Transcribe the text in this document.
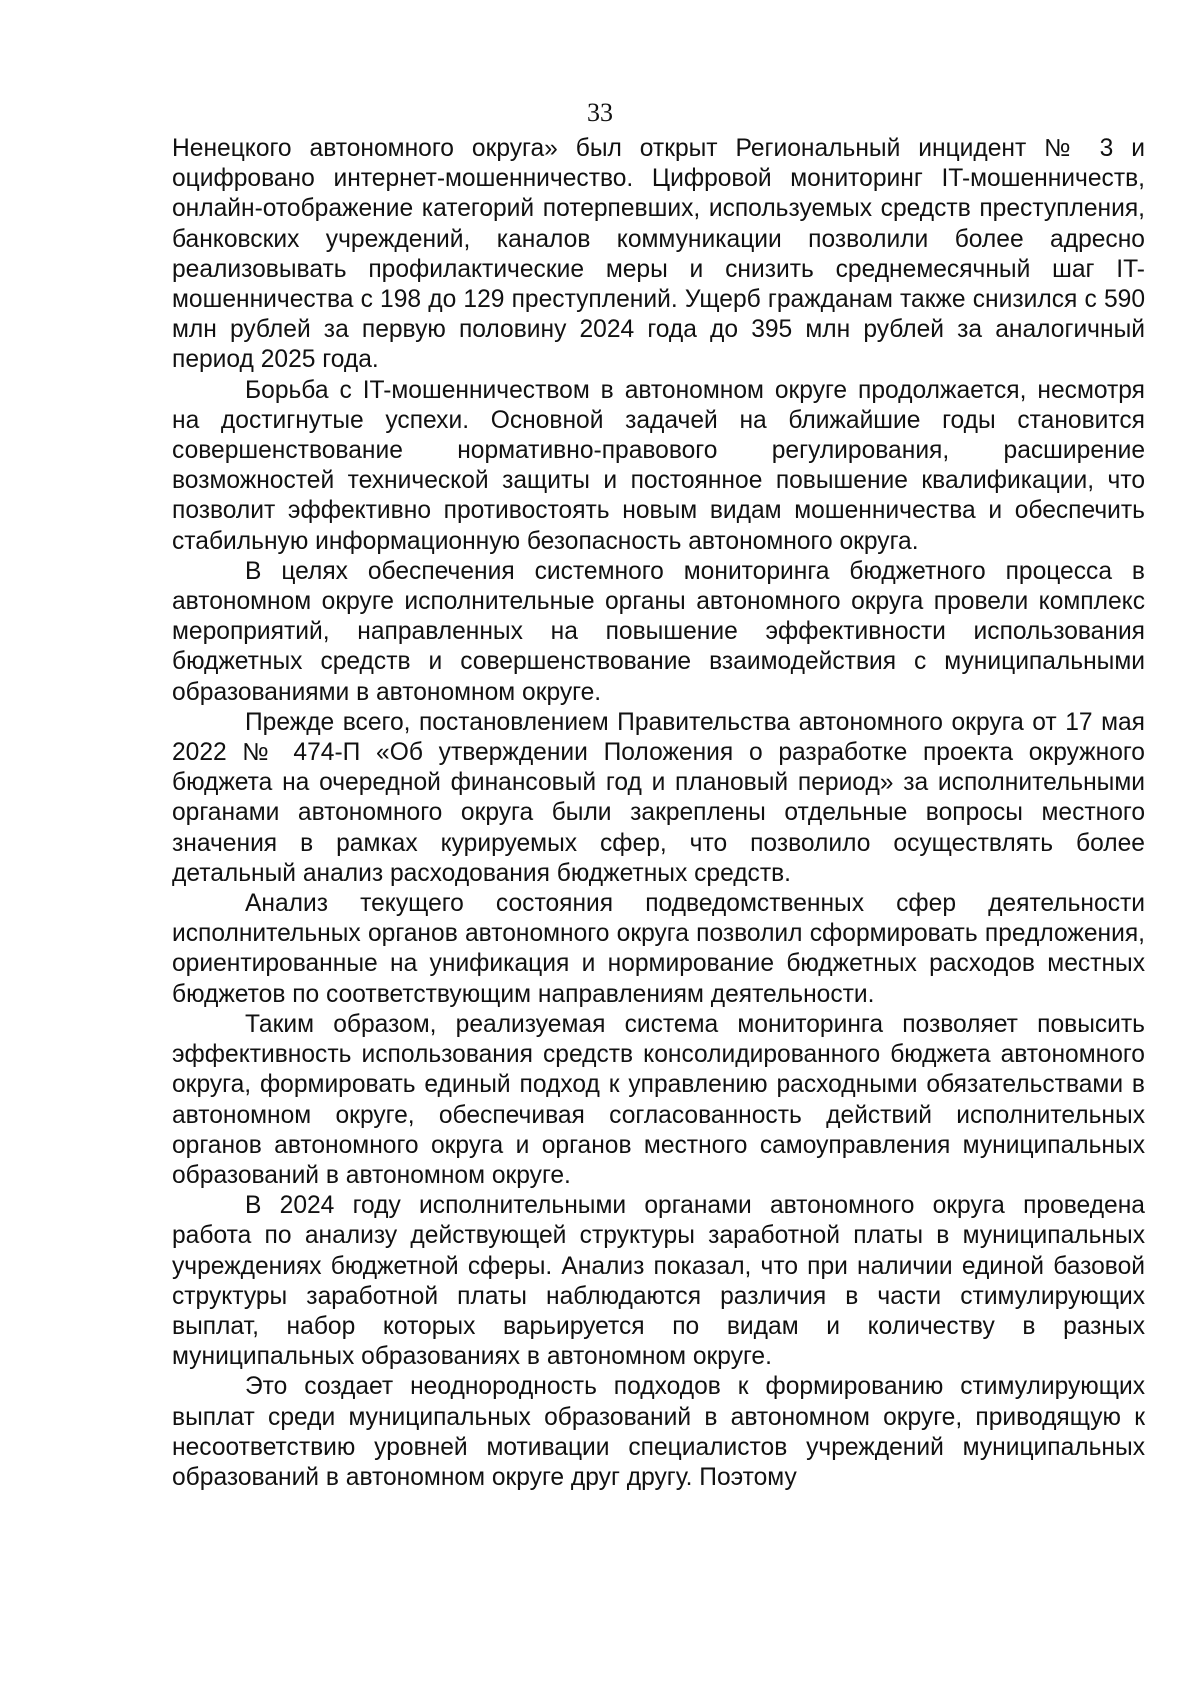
33

Ненецкого автономного округа» был открыт Региональный инцидент № 3 и оцифровано интернет-мошенничество. Цифровой мониторинг IT-мошенничеств, онлайн-отображение категорий потерпевших, используемых средств преступления, банковских учреждений, каналов коммуникации позволили более адресно реализовывать профилактические меры и снизить среднемесячный шаг IT-мошенничества с 198 до 129 преступлений. Ущерб гражданам также снизился с 590 млн рублей за первую половину 2024 года до 395 млн рублей за аналогичный период 2025 года.

Борьба с IT-мошенничеством в автономном округе продолжается, несмотря на достигнутые успехи. Основной задачей на ближайшие годы становится совершенствование нормативно-правового регулирования, расширение возможностей технической защиты и постоянное повышение квалификации, что позволит эффективно противостоять новым видам мошенничества и обеспечить стабильную информационную безопасность автономного округа.

В целях обеспечения системного мониторинга бюджетного процесса в автономном округе исполнительные органы автономного округа провели комплекс мероприятий, направленных на повышение эффективности использования бюджетных средств и совершенствование взаимодействия с муниципальными образованиями в автономном округе.

Прежде всего, постановлением Правительства автономного округа от 17 мая 2022 № 474-П «Об утверждении Положения о разработке проекта окружного бюджета на очередной финансовый год и плановый период» за исполнительными органами автономного округа были закреплены отдельные вопросы местного значения в рамках курируемых сфер, что позволило осуществлять более детальный анализ расходования бюджетных средств.

Анализ текущего состояния подведомственных сфер деятельности исполнительных органов автономного округа позволил сформировать предложения, ориентированные на унификация и нормирование бюджетных расходов местных бюджетов по соответствующим направлениям деятельности.

Таким образом, реализуемая система мониторинга позволяет повысить эффективность использования средств консолидированного бюджета автономного округа, формировать единый подход к управлению расходными обязательствами в автономном округе, обеспечивая согласованность действий исполнительных органов автономного округа и органов местного самоуправления муниципальных образований в автономном округе.

В 2024 году исполнительными органами автономного округа проведена работа по анализу действующей структуры заработной платы в муниципальных учреждениях бюджетной сферы. Анализ показал, что при наличии единой базовой структуры заработной платы наблюдаются различия в части стимулирующих выплат, набор которых варьируется по видам и количеству в разных муниципальных образованиях в автономном округе.

Это создает неоднородность подходов к формированию стимулирующих выплат среди муниципальных образований в автономном округе, приводящую к несоответствию уровней мотивации специалистов учреждений муниципальных образований в автономном округе друг другу. Поэтому
